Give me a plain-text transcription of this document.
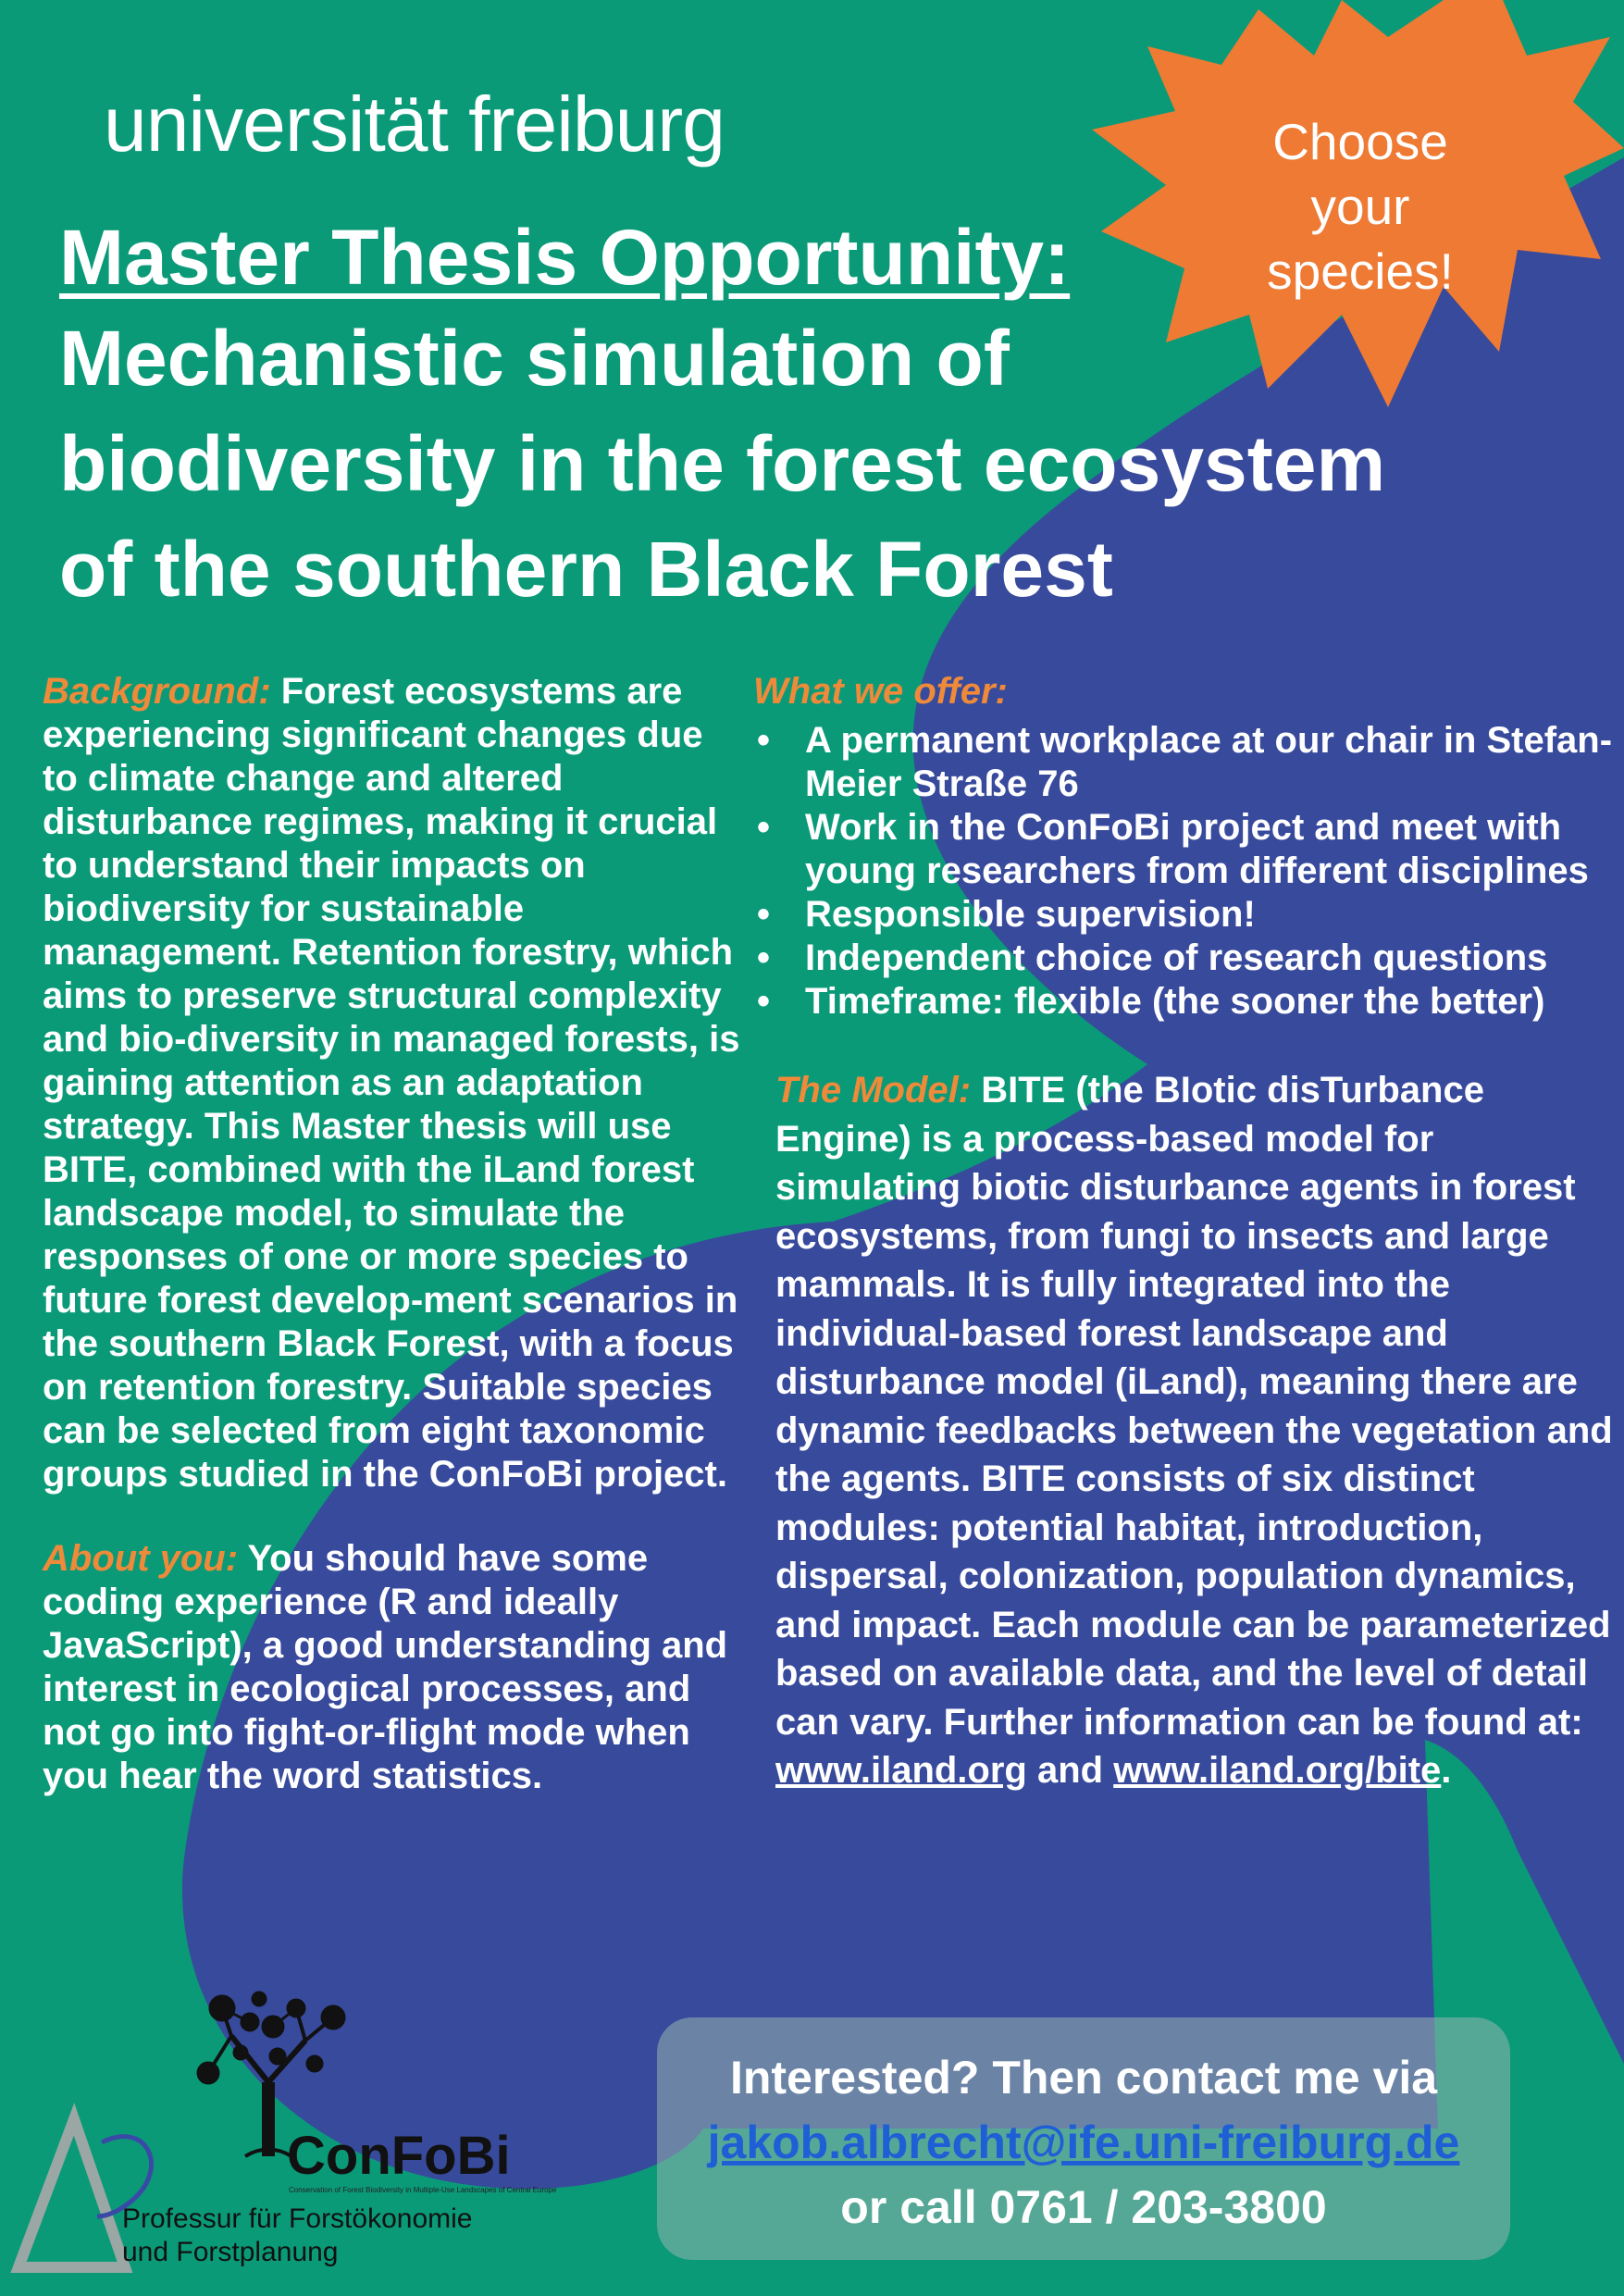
universität freiburg
Master Thesis Opportunity:
Mechanistic simulation of
biodiversity in the forest ecosystem
of the southern Black Forest
Choose
your
species!

Background: Forest ecosystems are experiencing significant changes due to climate change and altered disturbance regimes, making it crucial to understand their impacts on biodiversity for sustainable management. Retention forestry, which aims to preserve structural complexity and bio-diversity in managed forests, is gaining attention as an adaptation strategy. This Master thesis will use BITE, combined with the iLand forest landscape model, to simulate the responses of one or more species to future forest develop-ment scenarios in the southern Black Forest, with a focus on retention forestry. Suitable species can be selected from eight taxonomic groups studied in the ConFoBi project.

About you: You should have some coding experience (R and ideally JavaScript), a good understanding and interest in ecological processes, and not go into fight-or-flight mode when you hear the word statistics.

What we offer:
• A permanent workplace at our chair in Stefan-Meier Straße 76
• Work in the ConFoBi project and meet with young researchers from different disciplines
• Responsible supervision!
• Independent choice of research questions
• Timeframe: flexible (the sooner the better)

The Model: BITE (the BIotic disTurbance Engine) is a process-based model for simulating biotic disturbance agents in forest ecosystems, from fungi to insects and large mammals. It is fully integrated into the individual-based forest landscape and disturbance model (iLand), meaning there are dynamic feedbacks between the vegetation and the agents. BITE consists of six distinct modules: potential habitat, introduction, dispersal, colonization, population dynamics, and impact. Each module can be parameterized based on available data, and the level of detail can vary. Further information can be found at: www.iland.org and www.iland.org/bite.

Interested? Then contact me via
jakob.albrecht@ife.uni-freiburg.de
or call 0761 / 203-3800
ConFoBi
Conservation of Forest Biodiversity in Multiple-Use Landscapes of Central Europe
Professur für Forstökonomie
und Forstplanung
